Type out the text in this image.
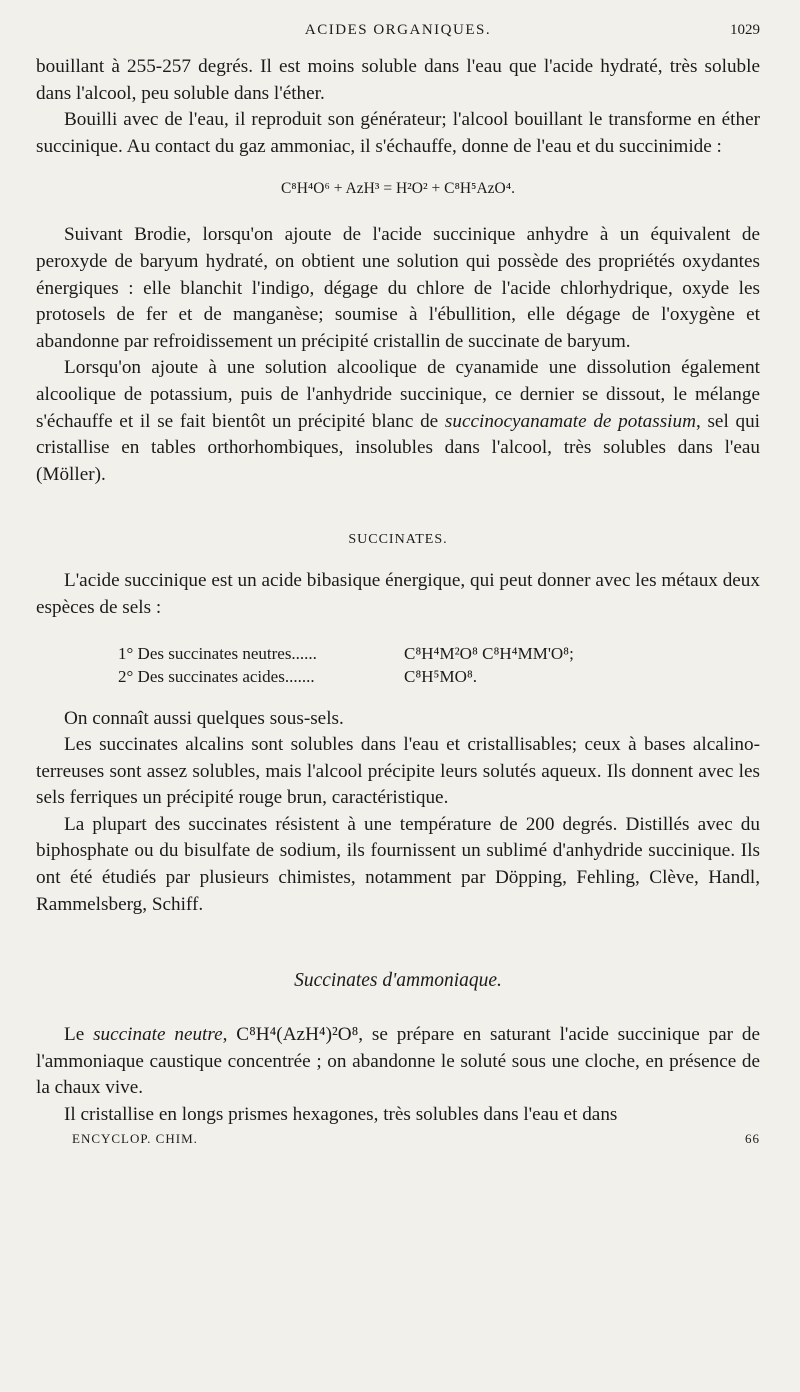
ACIDES ORGANIQUES.	1029

bouillant à 255-257 degrés. Il est moins soluble dans l'eau que l'acide hydraté, très soluble dans l'alcool, peu soluble dans l'éther.

Bouilli avec de l'eau, il reproduit son générateur; l'alcool bouillant le transforme en éther succinique. Au contact du gaz ammoniac, il s'échauffe, donne de l'eau et du succinimide :

C⁸H⁴O⁶ + AzH³ = H²O² + C⁸H⁵AzO⁴.

Suivant Brodie, lorsqu'on ajoute de l'acide succinique anhydre à un équivalent de peroxyde de baryum hydraté, on obtient une solution qui possède des propriétés oxydantes énergiques : elle blanchit l'indigo, dégage du chlore de l'acide chlorhydrique, oxyde les protosels de fer et de manganèse; soumise à l'ébullition, elle dégage de l'oxygène et abandonne par refroidissement un précipité cristallin de succinate de baryum.

Lorsqu'on ajoute à une solution alcoolique de cyanamide une dissolution également alcoolique de potassium, puis de l'anhydride succinique, ce dernier se dissout, le mélange s'échauffe et il se fait bientôt un précipité blanc de succinocyanamate de potassium, sel qui cristallise en tables orthorhombiques, insolubles dans l'alcool, très solubles dans l'eau (Möller).

SUCCINATES.

L'acide succinique est un acide bibasique énergique, qui peut donner avec les métaux deux espèces de sels :

1° Des succinates neutres......	C⁸H⁴M²O⁸ C⁸H⁴MM'O⁸;
2° Des succinates acides.......	C⁸H⁵MO⁸.

On connaît aussi quelques sous-sels.

Les succinates alcalins sont solubles dans l'eau et cristallisables; ceux à bases alcalino-terreuses sont assez solubles, mais l'alcool précipite leurs solutés aqueux. Ils donnent avec les sels ferriques un précipité rouge brun, caractéristique.

La plupart des succinates résistent à une température de 200 degrés. Distillés avec du biphosphate ou du bisulfate de sodium, ils fournissent un sublimé d'anhydride succinique. Ils ont été étudiés par plusieurs chimistes, notamment par Döpping, Fehling, Clève, Handl, Rammelsberg, Schiff.

Succinates d'ammoniaque.

Le succinate neutre, C⁸H⁴(AzH⁴)²O⁸, se prépare en saturant l'acide succinique par de l'ammoniaque caustique concentrée ; on abandonne le soluté sous une cloche, en présence de la chaux vive.

Il cristallise en longs prismes hexagones, très solubles dans l'eau et dans

ENCYCLOP. CHIM.	66
